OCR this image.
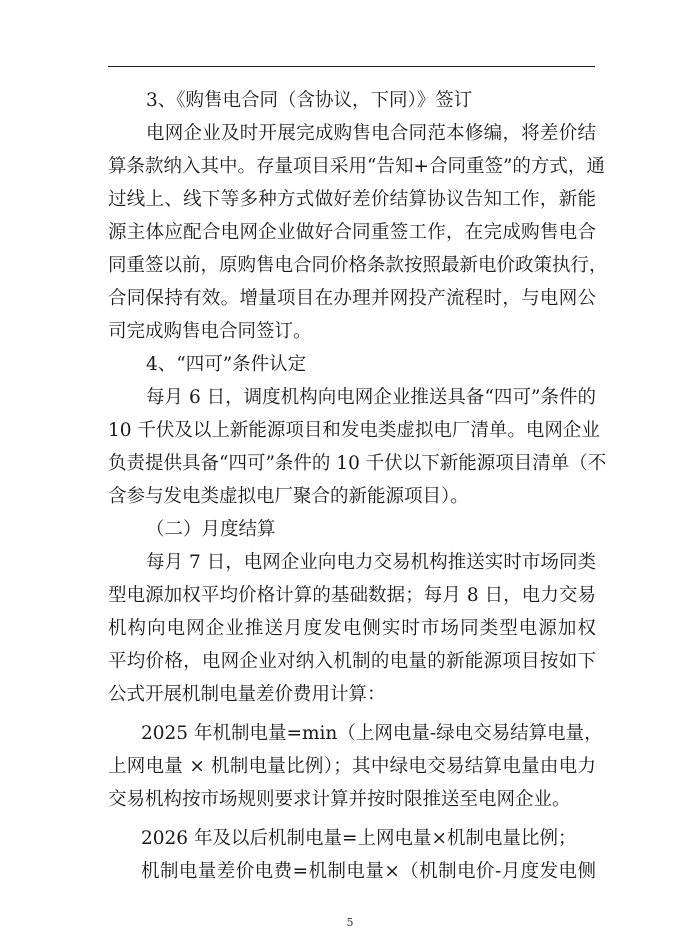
3、《购售电合同（含协议，下同）》签订
电网企业及时开展完成购售电合同范本修编，将差价结
算条款纳入其中。存量项目采用“告知+合同重签”的方式，通
过线上、线下等多种方式做好差价结算协议告知工作，新能
源主体应配合电网企业做好合同重签工作，在完成购售电合
同重签以前，原购售电合同价格条款按照最新电价政策执行，
合同保持有效。增量项目在办理并网投产流程时，与电网公
司完成购售电合同签订。
4、“四可”条件认定
每月 6 日，调度机构向电网企业推送具备“四可”条件的
10 千伏及以上新能源项目和发电类虚拟电厂清单。电网企业
负责提供具备“四可”条件的 10 千伏以下新能源项目清单（不
含参与发电类虚拟电厂聚合的新能源项目）。
（二）月度结算
每月 7 日，电网企业向电力交易机构推送实时市场同类
型电源加权平均价格计算的基础数据；每月 8 日，电力交易
机构向电网企业推送月度发电侧实时市场同类型电源加权
平均价格，电网企业对纳入机制的电量的新能源项目按如下
公式开展机制电量差价费用计算：
2025 年机制电量=min（上网电量-绿电交易结算电量，
上网电量 × 机制电量比例）；其中绿电交易结算电量由电力
交易机构按市场规则要求计算并按时限推送至电网企业。
2026 年及以后机制电量=上网电量×机制电量比例；
机制电量差价电费=机制电量×（机制电价-月度发电侧
5
